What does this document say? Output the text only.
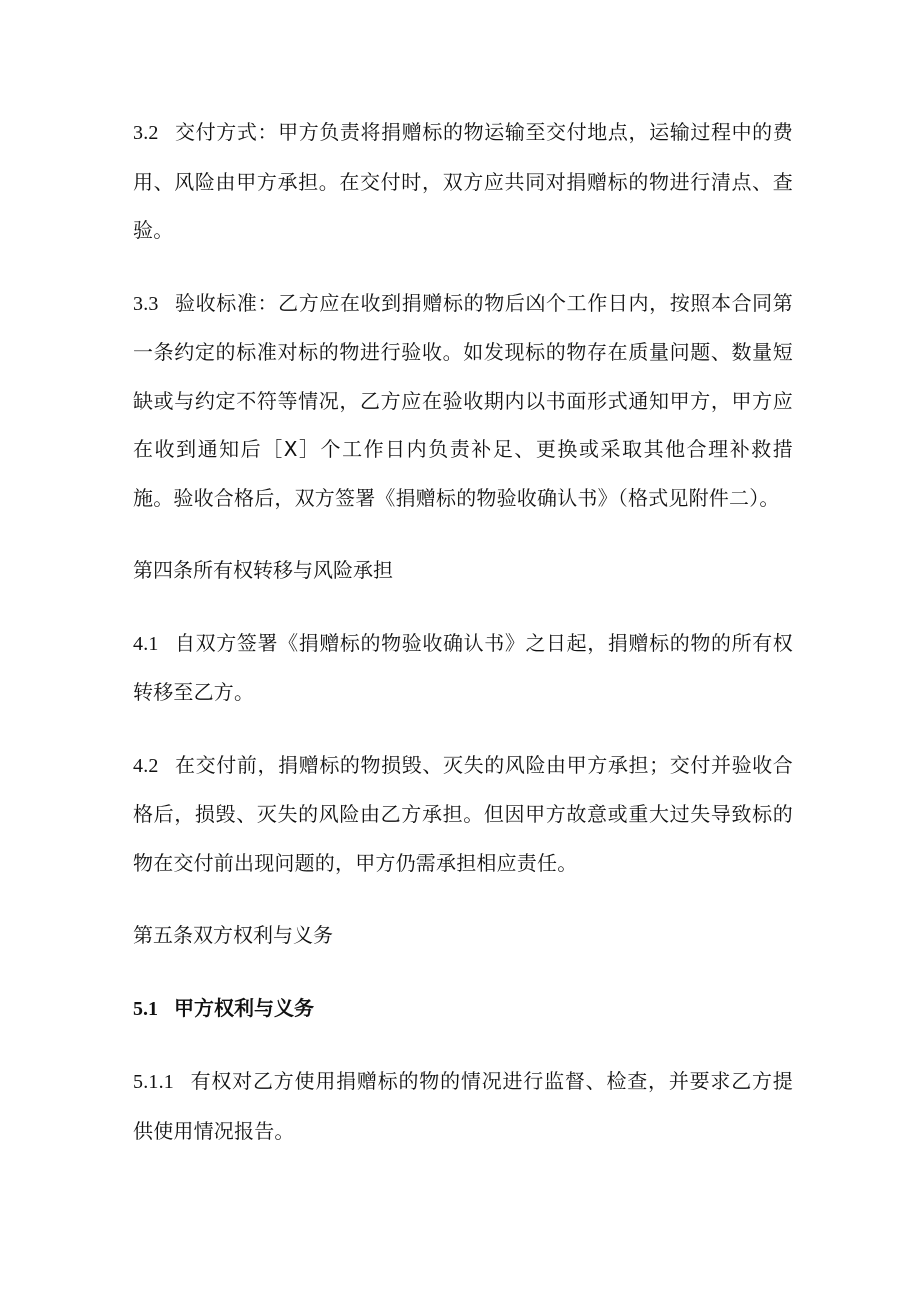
3.2 交付方式：甲方负责将捐赠标的物运输至交付地点，运输过程中的费用、风险由甲方承担。在交付时，双方应共同对捐赠标的物进行清点、查验。

3.3 验收标准：乙方应在收到捐赠标的物后凶个工作日内，按照本合同第一条约定的标准对标的物进行验收。如发现标的物存在质量问题、数量短缺或与约定不符等情况，乙方应在验收期内以书面形式通知甲方，甲方应在收到通知后［X］个工作日内负责补足、更换或采取其他合理补救措施。验收合格后，双方签署《捐赠标的物验收确认书》（格式见附件二）。

第四条所有权转移与风险承担

4.1 自双方签署《捐赠标的物验收确认书》之日起，捐赠标的物的所有权转移至乙方。

4.2 在交付前，捐赠标的物损毁、灭失的风险由甲方承担；交付并验收合格后，损毁、灭失的风险由乙方承担。但因甲方故意或重大过失导致标的物在交付前出现问题的，甲方仍需承担相应责任。

第五条双方权利与义务

5.1 甲方权利与义务

5.1.1 有权对乙方使用捐赠标的物的情况进行监督、检查，并要求乙方提供使用情况报告。
